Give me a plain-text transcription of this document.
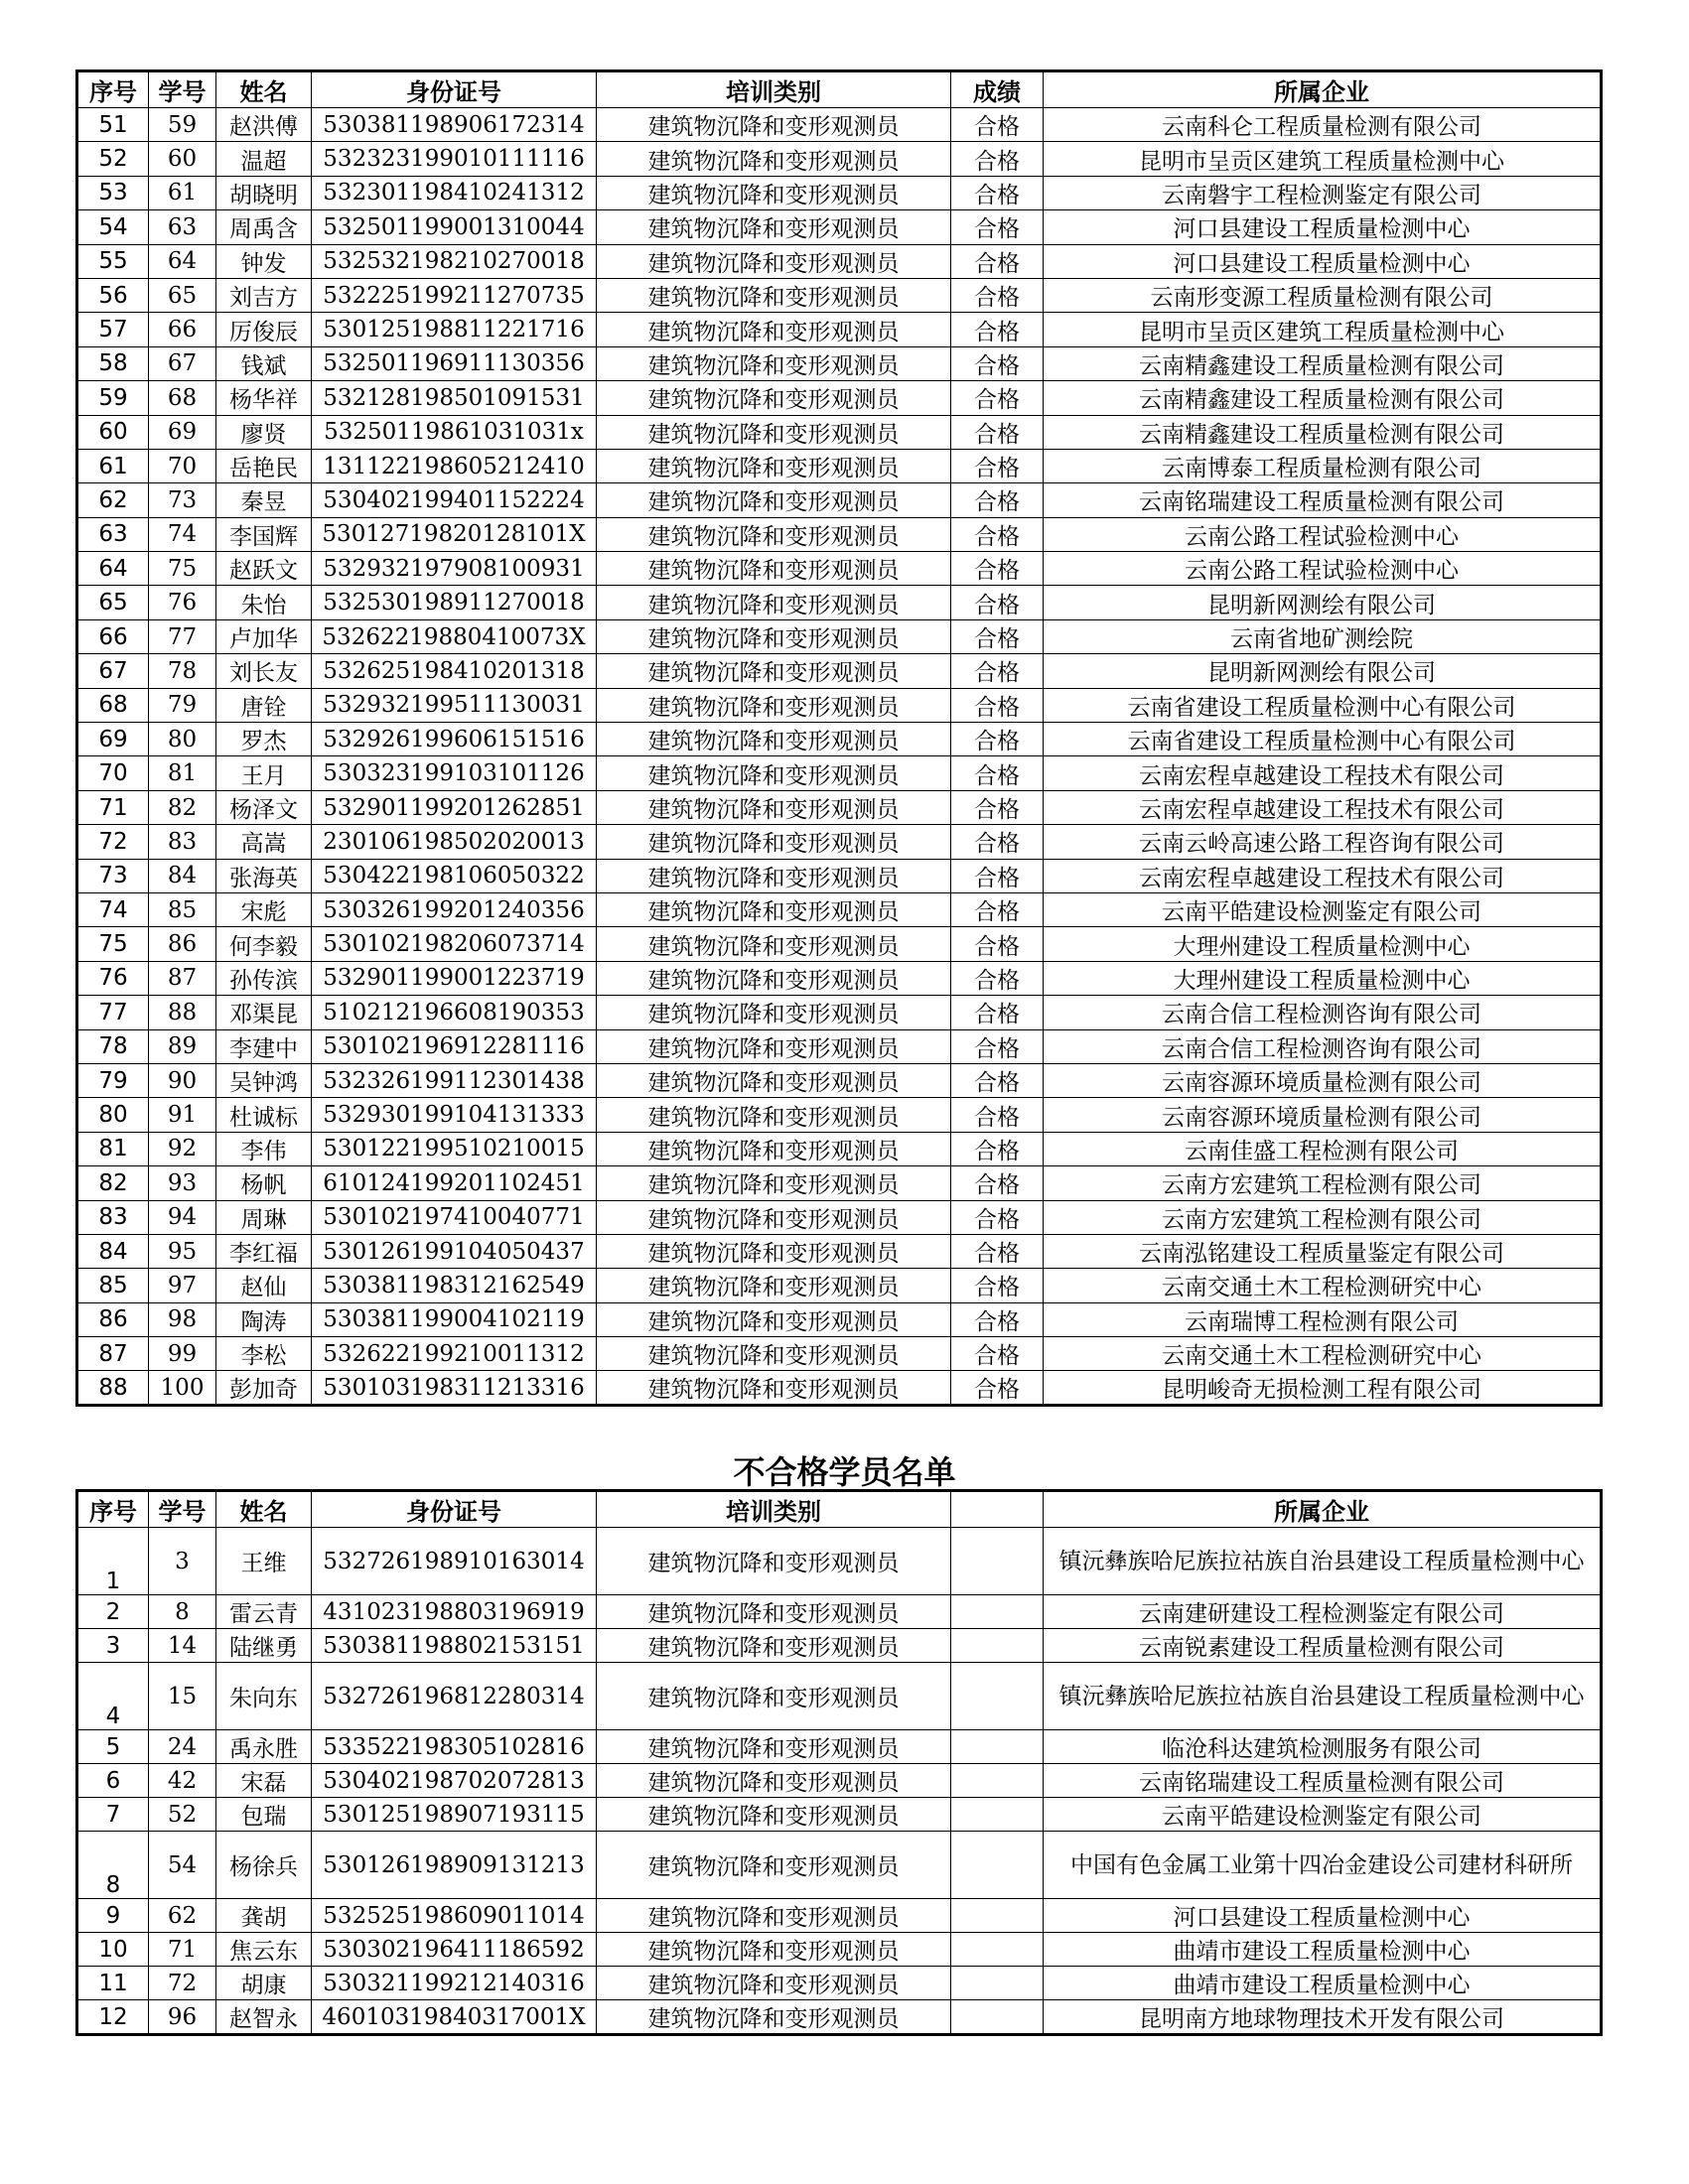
序号	学号	姓名	身份证号	培训类别	成绩	所属企业
51	59	赵洪傅	530381198906172314	建筑物沉降和变形观测员	合格	云南科仑工程质量检测有限公司
52	60	温超	532323199010111116	建筑物沉降和变形观测员	合格	昆明市呈贡区建筑工程质量检测中心
53	61	胡晓明	532301198410241312	建筑物沉降和变形观测员	合格	云南磐宇工程检测鉴定有限公司
54	63	周禹含	532501199001310044	建筑物沉降和变形观测员	合格	河口县建设工程质量检测中心
55	64	钟发	532532198210270018	建筑物沉降和变形观测员	合格	河口县建设工程质量检测中心
56	65	刘吉方	532225199211270735	建筑物沉降和变形观测员	合格	云南形变源工程质量检测有限公司
57	66	厉俊辰	530125198811221716	建筑物沉降和变形观测员	合格	昆明市呈贡区建筑工程质量检测中心
58	67	钱斌	532501196911130356	建筑物沉降和变形观测员	合格	云南精鑫建设工程质量检测有限公司
59	68	杨华祥	532128198501091531	建筑物沉降和变形观测员	合格	云南精鑫建设工程质量检测有限公司
60	69	廖贤	53250119861031031x	建筑物沉降和变形观测员	合格	云南精鑫建设工程质量检测有限公司
61	70	岳艳民	131122198605212410	建筑物沉降和变形观测员	合格	云南博泰工程质量检测有限公司
62	73	秦昱	530402199401152224	建筑物沉降和变形观测员	合格	云南铭瑞建设工程质量检测有限公司
63	74	李国辉	53012719820128101X	建筑物沉降和变形观测员	合格	云南公路工程试验检测中心
64	75	赵跃文	532932197908100931	建筑物沉降和变形观测员	合格	云南公路工程试验检测中心
65	76	朱怡	532530198911270018	建筑物沉降和变形观测员	合格	昆明新网测绘有限公司
66	77	卢加华	53262219880410073X	建筑物沉降和变形观测员	合格	云南省地矿测绘院
67	78	刘长友	532625198410201318	建筑物沉降和变形观测员	合格	昆明新网测绘有限公司
68	79	唐铨	532932199511130031	建筑物沉降和变形观测员	合格	云南省建设工程质量检测中心有限公司
69	80	罗杰	532926199606151516	建筑物沉降和变形观测员	合格	云南省建设工程质量检测中心有限公司
70	81	王月	530323199103101126	建筑物沉降和变形观测员	合格	云南宏程卓越建设工程技术有限公司
71	82	杨泽文	532901199201262851	建筑物沉降和变形观测员	合格	云南宏程卓越建设工程技术有限公司
72	83	高嵩	230106198502020013	建筑物沉降和变形观测员	合格	云南云岭高速公路工程咨询有限公司
73	84	张海英	530422198106050322	建筑物沉降和变形观测员	合格	云南宏程卓越建设工程技术有限公司
74	85	宋彪	530326199201240356	建筑物沉降和变形观测员	合格	云南平皓建设检测鉴定有限公司
75	86	何李毅	530102198206073714	建筑物沉降和变形观测员	合格	大理州建设工程质量检测中心
76	87	孙传滨	532901199001223719	建筑物沉降和变形观测员	合格	大理州建设工程质量检测中心
77	88	邓渠昆	510212196608190353	建筑物沉降和变形观测员	合格	云南合信工程检测咨询有限公司
78	89	李建中	530102196912281116	建筑物沉降和变形观测员	合格	云南合信工程检测咨询有限公司
79	90	吴钟鸿	532326199112301438	建筑物沉降和变形观测员	合格	云南容源环境质量检测有限公司
80	91	杜诚标	532930199104131333	建筑物沉降和变形观测员	合格	云南容源环境质量检测有限公司
81	92	李伟	530122199510210015	建筑物沉降和变形观测员	合格	云南佳盛工程检测有限公司
82	93	杨帆	610124199201102451	建筑物沉降和变形观测员	合格	云南方宏建筑工程检测有限公司
83	94	周琳	530102197410040771	建筑物沉降和变形观测员	合格	云南方宏建筑工程检测有限公司
84	95	李红福	530126199104050437	建筑物沉降和变形观测员	合格	云南泓铭建设工程质量鉴定有限公司
85	97	赵仙	530381198312162549	建筑物沉降和变形观测员	合格	云南交通土木工程检测研究中心
86	98	陶涛	530381199004102119	建筑物沉降和变形观测员	合格	云南瑞博工程检测有限公司
87	99	李松	532622199210011312	建筑物沉降和变形观测员	合格	云南交通土木工程检测研究中心
88	100	彭加奇	530103198311213316	建筑物沉降和变形观测员	合格	昆明峻奇无损检测工程有限公司
不合格学员名单
序号	学号	姓名	身份证号	培训类别		所属企业
1	3	王维	532726198910163014	建筑物沉降和变形观测员		镇沅彝族哈尼族拉祜族自治县建设工程质量检测中心
2	8	雷云青	431023198803196919	建筑物沉降和变形观测员		云南建研建设工程检测鉴定有限公司
3	14	陆继勇	530381198802153151	建筑物沉降和变形观测员		云南锐素建设工程质量检测有限公司
4	15	朱向东	532726196812280314	建筑物沉降和变形观测员		镇沅彝族哈尼族拉祜族自治县建设工程质量检测中心
5	24	禹永胜	533522198305102816	建筑物沉降和变形观测员		临沧科达建筑检测服务有限公司
6	42	宋磊	530402198702072813	建筑物沉降和变形观测员		云南铭瑞建设工程质量检测有限公司
7	52	包瑞	530125198907193115	建筑物沉降和变形观测员		云南平皓建设检测鉴定有限公司
8	54	杨徐兵	530126198909131213	建筑物沉降和变形观测员		中国有色金属工业第十四冶金建设公司建材科研所
9	62	龚胡	532525198609011014	建筑物沉降和变形观测员		河口县建设工程质量检测中心
10	71	焦云东	530302196411186592	建筑物沉降和变形观测员		曲靖市建设工程质量检测中心
11	72	胡康	530321199212140316	建筑物沉降和变形观测员		曲靖市建设工程质量检测中心
12	96	赵智永	46010319840317001X	建筑物沉降和变形观测员		昆明南方地球物理技术开发有限公司
